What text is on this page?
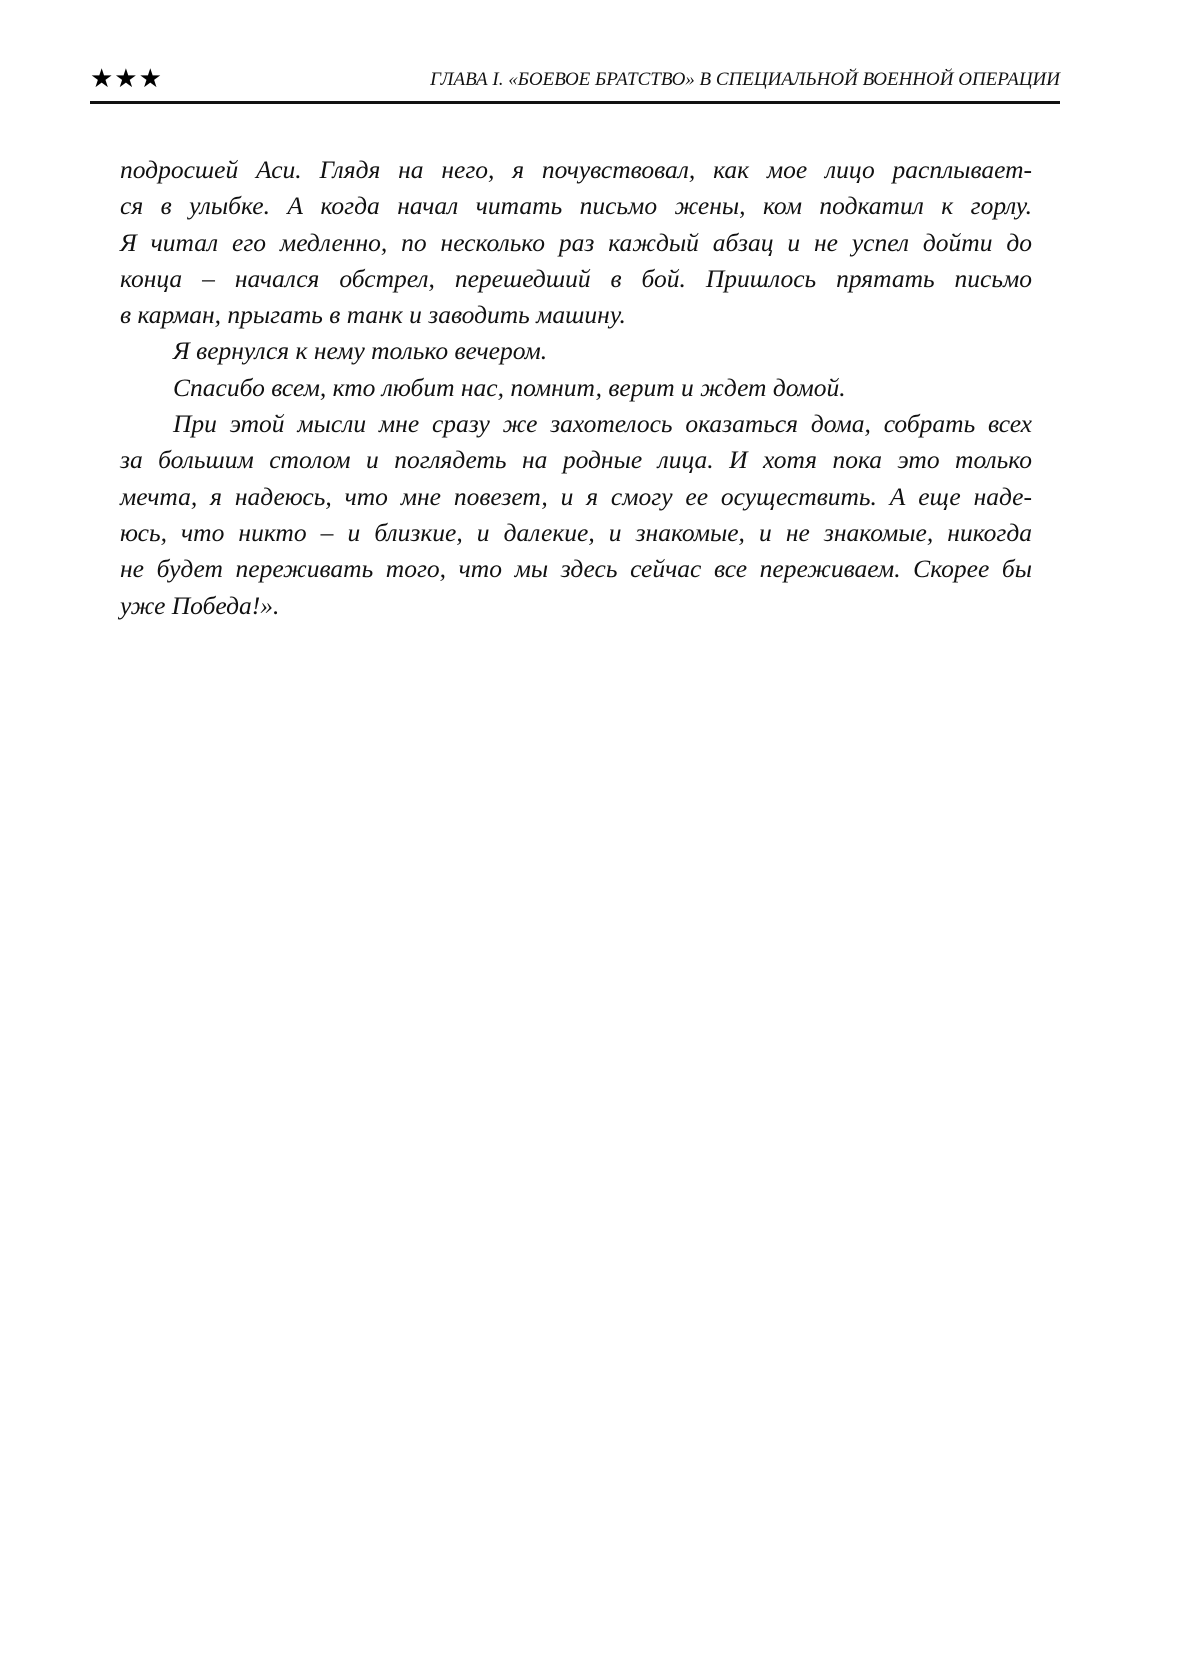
★★★	ГЛАВА I. «БОЕВОЕ БРАТСТВО» В СПЕЦИАЛЬНОЙ ВОЕННОЙ ОПЕРАЦИИ

подросшей Аси. Глядя на него, я почувствовал, как мое лицо расплывает-
ся в улыбке. А когда начал читать письмо жены, ком подкатил к горлу.
Я читал его медленно, по несколько раз каждый абзац и не успел дойти до
конца – начался обстрел, перешедший в бой. Пришлось прятать письмо
в карман, прыгать в танк и заводить машину.

Я вернулся к нему только вечером.

Спасибо всем, кто любит нас, помнит, верит и ждет домой.

При этой мысли мне сразу же захотелось оказаться дома, собрать всех
за большим столом и поглядеть на родные лица. И хотя пока это только
мечта, я надеюсь, что мне повезет, и я смогу ее осуществить. А еще наде-
юсь, что никто – и близкие, и далекие, и знакомые, и не знакомые, никогда
не будет переживать того, что мы здесь сейчас все переживаем. Скорее бы
уже Победа!».
